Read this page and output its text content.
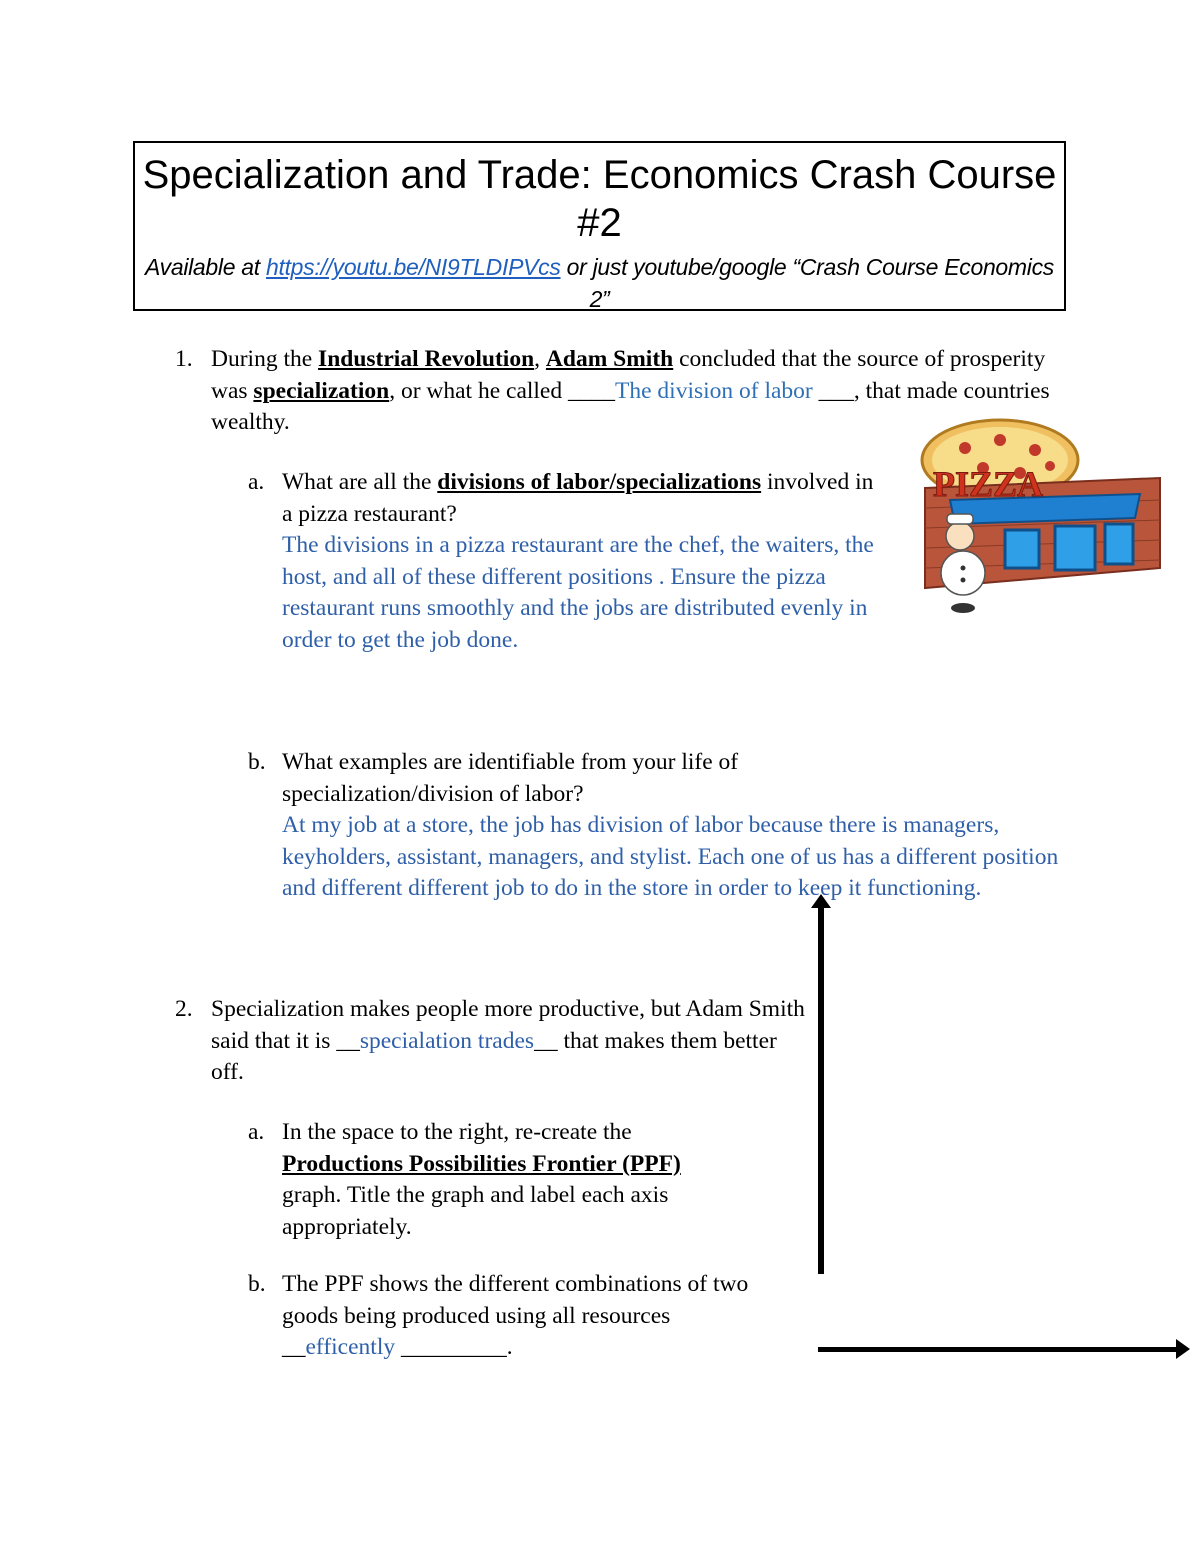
Specialization and Trade: Economics Crash Course #2
Available at https://youtu.be/NI9TLDIPVcs or just youtube/google “Crash Course Economics 2”
1. During the Industrial Revolution, Adam Smith concluded that the source of prosperity was specialization, or what he called ____The division of labor ___, that made countries wealthy.

PIZZA
a. What are all the divisions of labor/specializations involved in a pizza restaurant?

The divisions in a pizza restaurant are the chef, the waiters, the host, and all of these different positions . Ensure the pizza restaurant runs smoothly and the jobs are distributed evenly in order to get the job done.

b. What examples are identifiable from your life of specialization/division of labor?

At my job at a store, the job has division of labor because there is managers, keyholders, assistant, managers, and stylist. Each one of us has a different position and different different job to do in the store in order to keep it functioning.

2. Specialization makes people more productive, but Adam Smith said that it is __specialation trades__ that makes them better off.

a. In the space to the right, re-create the Productions Possibilities Frontier (PPF) graph. Title the graph and label each axis appropriately.

b. The PPF shows the different combinations of two goods being produced using all resources __efficently _________.
